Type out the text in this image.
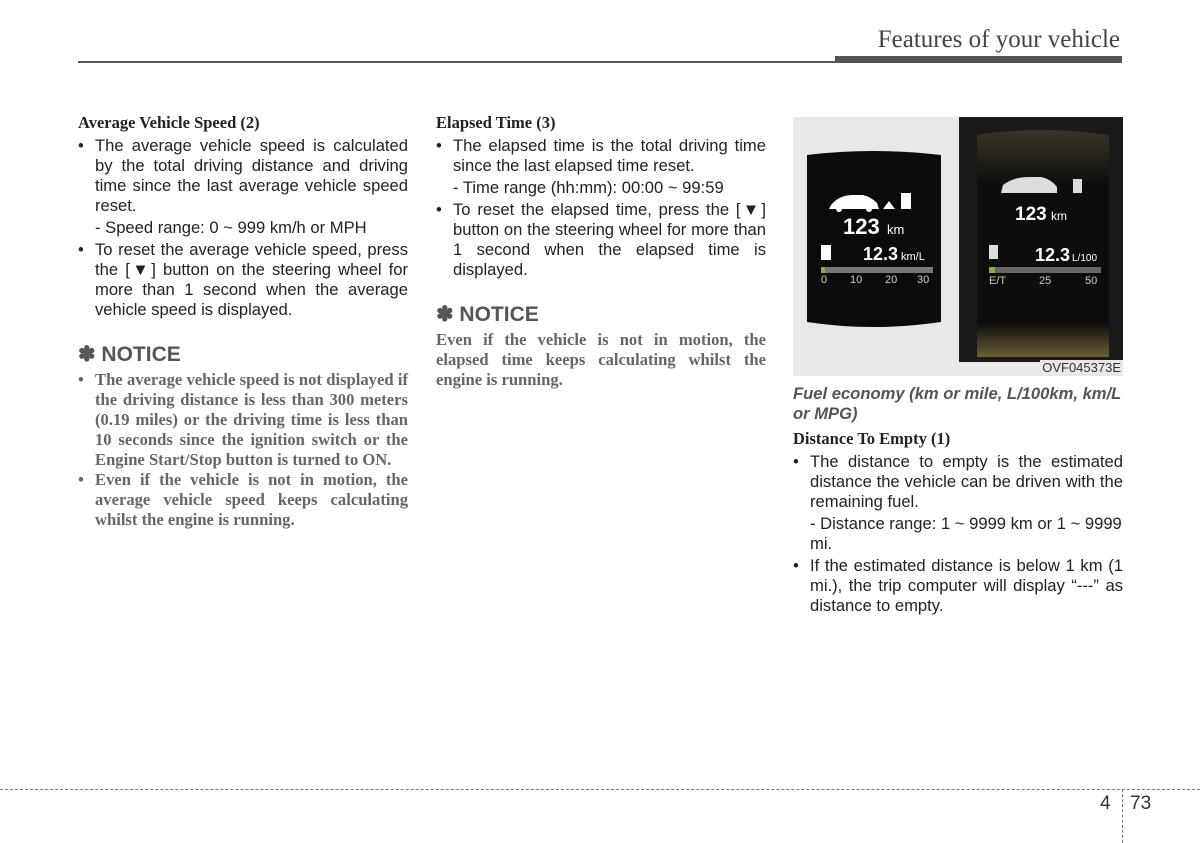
Features of your vehicle
Average Vehicle Speed (2)
• The average vehicle speed is calculated by the total driving distance and driving time since the last average vehicle speed reset.
- Speed range: 0 ~ 999 km/h or MPH
• To reset the average vehicle speed, press the [▼] button on the steering wheel for more than 1 second when the average vehicle speed is displayed.
✽ NOTICE
• The average vehicle speed is not displayed if the driving distance is less than 300 meters (0.19 miles) or the driving time is less than 10 seconds since the ignition switch or the Engine Start/Stop button is turned to ON.
• Even if the vehicle is not in motion, the average vehicle speed keeps calculating whilst the engine is running.
Elapsed Time (3)
• The elapsed time is the total driving time since the last elapsed time reset.
- Time range (hh:mm): 00:00 ~ 99:59
• To reset the elapsed time, press the [▼] button on the steering wheel for more than 1 second when the elapsed time is displayed.
✽ NOTICE
Even if the vehicle is not in motion, the elapsed time keeps calculating whilst the engine is running.
123 km
12.3 km/L
0 10 20 30
123 km
12.3 L/100
E/T	25	50
OVF045373E
Fuel economy (km or mile, L/100km, km/L or MPG)
Distance To Empty (1)
• The distance to empty is the estimated distance the vehicle can be driven with the remaining fuel.
- Distance range: 1 ~ 9999 km or 1 ~ 9999 mi.
• If the estimated distance is below 1 km (1 mi.), the trip computer will display “---” as distance to empty.
4 73
